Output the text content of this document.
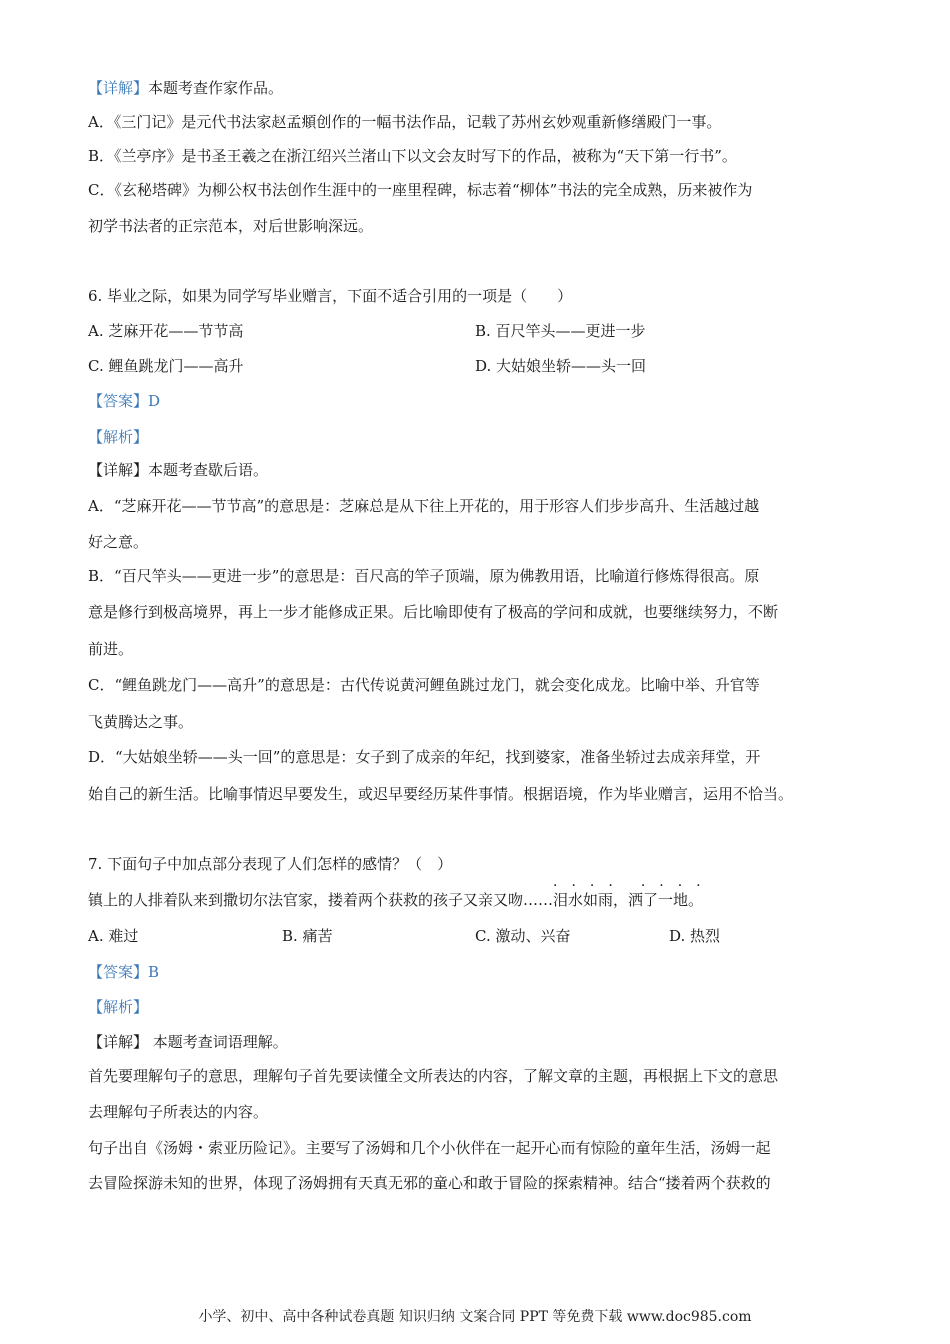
【详解】本题考查作家作品。
A．《三门记》是元代书法家赵孟頫创作的一幅书法作品，记载了苏州玄妙观重新修缮殿门一事。
B．《兰亭序》是书圣王羲之在浙江绍兴兰渚山下以文会友时写下的作品，被称为“天下第一行书”。
C．《玄秘塔碑》为柳公权书法创作生涯中的一座里程碑，标志着“柳体”书法的完全成熟，历来被作为
初学书法者的正宗范本，对后世影响深远。
6. 毕业之际，如果为同学写毕业赠言，下面不适合引用的一项是（　　）
A. 芝麻开花——节节高	B. 百尺竿头——更进一步
C. 鲤鱼跳龙门——高升	D. 大姑娘坐轿——头一回
【答案】D
【解析】
【详解】本题考查歇后语。
A．“芝麻开花——节节高”的意思是：芝麻总是从下往上开花的，用于形容人们步步高升、生活越过越
好之意。
B．“百尺竿头——更进一步”的意思是：百尺高的竿子顶端，原为佛教用语，比喻道行修炼得很高。原
意是修行到极高境界，再上一步才能修成正果。后比喻即使有了极高的学问和成就，也要继续努力，不断
前进。
C．“鲤鱼跳龙门——高升”的意思是：古代传说黄河鲤鱼跳过龙门，就会变化成龙。比喻中举、升官等
飞黄腾达之事。
D．“大姑娘坐轿——头一回”的意思是：女子到了成亲的年纪，找到婆家，准备坐轿过去成亲拜堂，开
始自己的新生活。比喻事情迟早要发生，或迟早要经历某件事情。根据语境，作为毕业赠言，运用不恰当。
7. 下面句子中加点部分表现了人们怎样的感情？（　）
镇上的人排着队来到撒切尔法官家，搂着两个获救的孩子又亲又吻……
· · · ·  · · · ·
泪水如雨，洒了一地。
A. 难过	B. 痛苦	C. 激动、兴奋	D. 热烈
【答案】B
【解析】
【详解】 本题考查词语理解。
首先要理解句子的意思，理解句子首先要读懂全文所表达的内容，了解文章的主题，再根据上下文的意思
去理解句子所表达的内容。
句子出自《汤姆・索亚历险记》。主要写了汤姆和几个小伙伴在一起开心而有惊险的童年生活，汤姆一起
去冒险探游未知的世界，体现了汤姆拥有天真无邪的童心和敢于冒险的探索精神。结合“搂着两个获救的
小学、初中、高中各种试卷真题 知识归纳 文案合同 PPT 等免费下载 www.doc985.com
